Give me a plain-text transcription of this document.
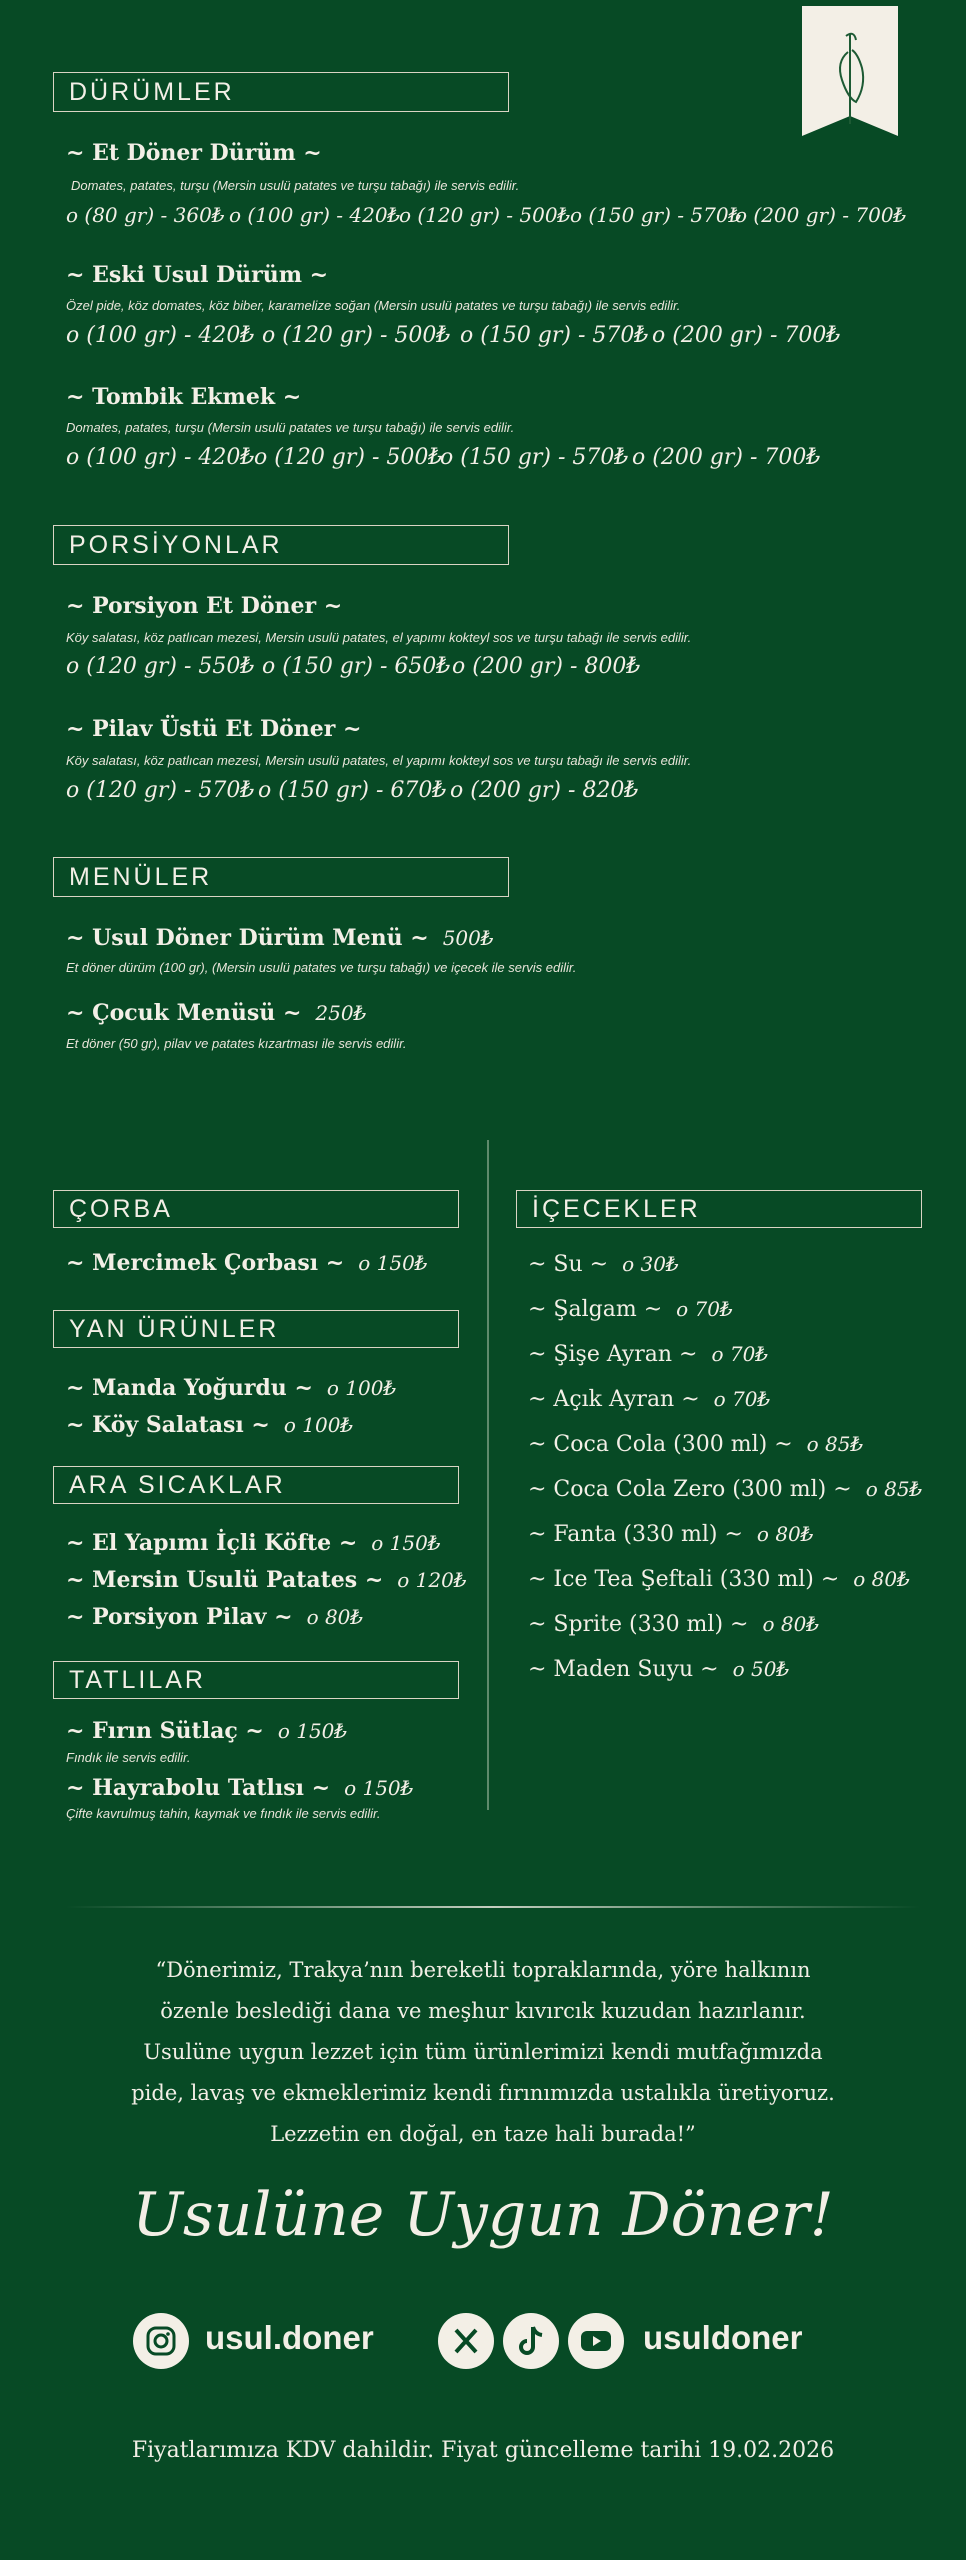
DÜRÜMLER
~ Et Döner Dürüm ~
Domates, patates, turşu (Mersin usulü patates ve turşu tabağı) ile servis edilir.
o (80 gr) - 360₺ o (100 gr) - 420₺
o (120 gr) - 500₺ o (150 gr) - 570₺
o (200 gr) - 700₺
~ Eski Usul Dürüm ~
Özel pide, köz domates, köz biber, karamelize soğan (Mersin usulü patates ve turşu tabağı) ile servis edilir.
o (100 gr) - 420₺ o (120 gr) - 500₺ o (150 gr) - 570₺ o (200 gr) - 700₺
~ Tombik Ekmek ~
Domates, patates, turşu (Mersin usulü patates ve turşu tabağı) ile servis edilir.
o (100 gr) - 420₺ o (120 gr) - 500₺
o (150 gr) - 570₺ o (200 gr) - 700₺
PORSİYONLAR
~ Porsiyon Et Döner ~
Köy salatası, köz patlıcan mezesi, Mersin usulü patates, el yapımı kokteyl sos ve turşu tabağı ile servis edilir.
o (120 gr) - 550₺ o (150 gr) - 650₺ o (200 gr) - 800₺
~ Pilav Üstü Et Döner ~
Köy salatası, köz patlıcan mezesi, Mersin usulü patates, el yapımı kokteyl sos ve turşu tabağı ile servis edilir.
o (120 gr) - 570₺ o (150 gr) - 670₺ o (200 gr) - 820₺
MENÜLER
~ Usul Döner Dürüm Menü ~ 500₺
Et döner dürüm (100 gr), (Mersin usulü patates ve turşu tabağı) ve içecek ile servis edilir.
~ Çocuk Menüsü ~ 250₺
Et döner (50 gr), pilav ve patates kızartması ile servis edilir.
ÇORBA
~ Mercimek Çorbası ~ o 150₺
YAN ÜRÜNLER
~ Manda Yoğurdu ~ o 100₺
~ Köy Salatası ~ o 100₺
ARA SICAKLAR
~ El Yapımı İçli Köfte ~ o 150₺
~ Mersin Usulü Patates ~ o 120₺
~ Porsiyon Pilav ~ o 80₺
TATLILAR
~ Fırın Sütlaç ~ o 150₺
Fındık ile servis edilir.
~ Hayrabolu Tatlısı ~ o 150₺
Çifte kavrulmuş tahin, kaymak ve fındık ile servis edilir.
İÇECEKLER
~ Su ~ o 30₺
~ Şalgam ~ o 70₺
~ Şişe Ayran ~ o 70₺
~ Açık Ayran ~ o 70₺
~ Coca Cola (300 ml) ~ o 85₺
~ Coca Cola Zero (300 ml) ~ o 85₺
~ Fanta (330 ml) ~ o 80₺
~ Ice Tea Şeftali (330 ml) ~ o 80₺
~ Sprite (330 ml) ~ o 80₺
~ Maden Suyu ~ o 50₺
“Dönerimiz, Trakya’nın bereketli topraklarında, yöre halkının
özenle beslediği dana ve meşhur kıvırcık kuzudan hazırlanır.
Usulüne uygun lezzet için tüm ürünlerimizi kendi mutfağımızda
pide, lavaş ve ekmeklerimiz kendi fırınımızda ustalıkla üretiyoruz.
Lezzetin en doğal, en taze hali burada!”
Usulüne Uygun Döner!
usul.doner	usuldoner
Fiyatlarımıza KDV dahildir. Fiyat güncelleme tarihi 19.02.2026
